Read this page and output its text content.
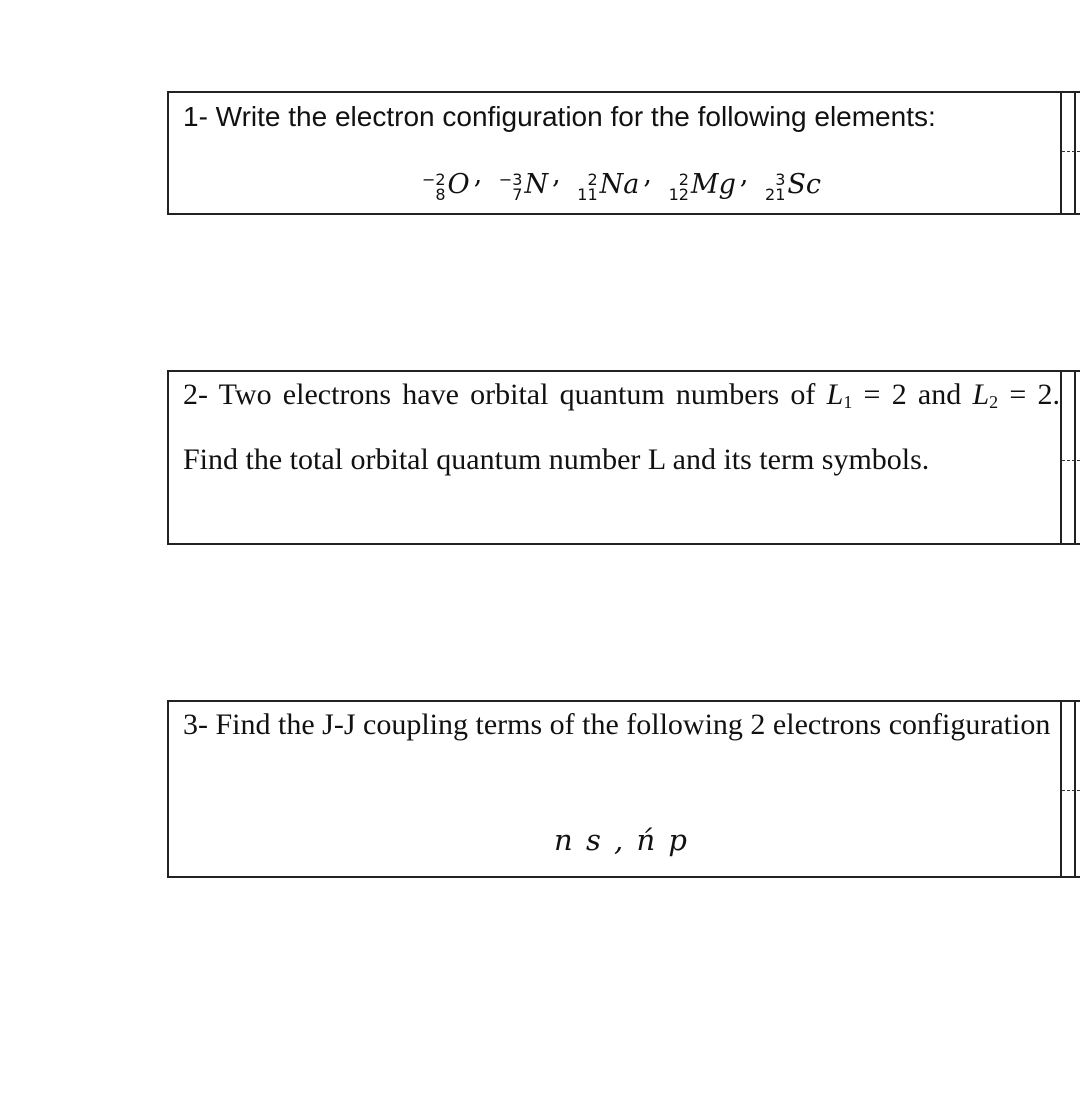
1- Write the electron configuration for the following elements:
−2
8 O , −3
7 N , 2
11 Na , 2
12 Mg , 3
21 Sc
2- Two electrons have orbital quantum numbers of $L_1 = 2$ and $L_2 = 2$. Find the total orbital quantum number L and its term symbols.
3- Find the J-J coupling terms of the following 2 electrons configuration
n s , ń p
